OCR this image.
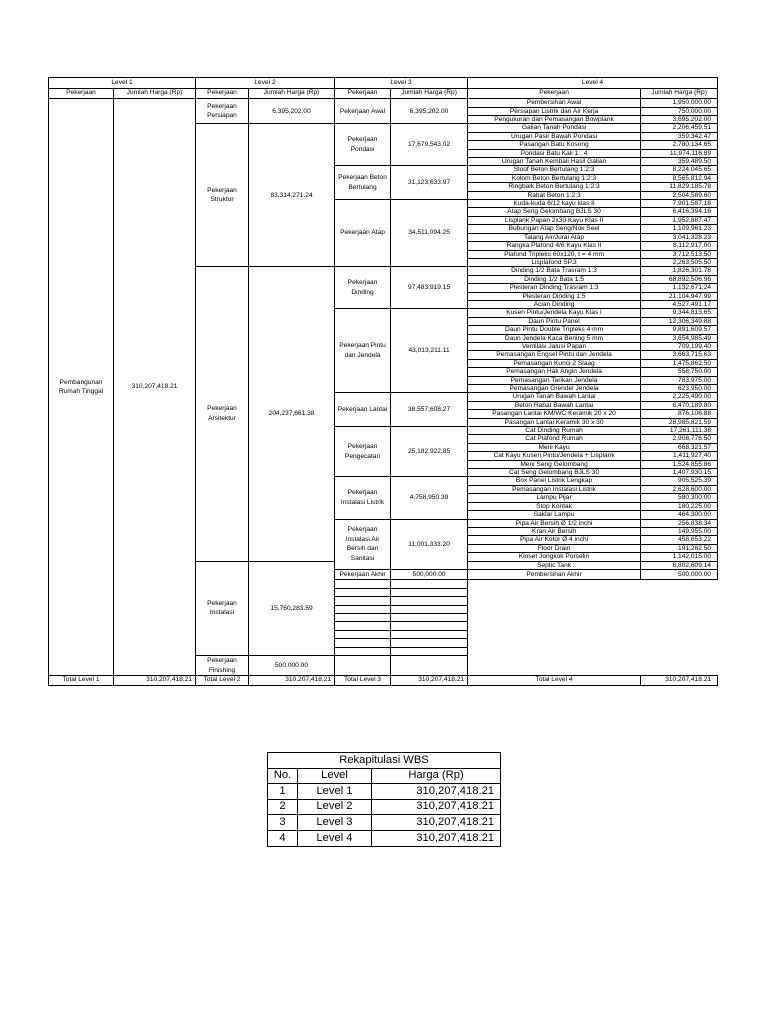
Level 1		Level 2		Level 3		Level 4	
Pekerjaan	Jumlah Harga (Rp)	Pekerjaan	Jumlah Harga (Rp)	Pekerjaan	Jumlah Harga (Rp)	Pekerjaan	Jumlah Harga (Rp)
Pembangunan Rumah Tinggal	310,207,418.21	Pekerjaan Persiapan	6,395,202.00	Pekerjaan Awal	6,395,202.00	Pembersihan Awal	1,950,000.00
						Persiapan Listrik dan Air Kerja	750,000.00
						Pengukuran dan Pemasangan Bowplank	3,695,202.00
		Pekerjaan Struktur	83,314,271.24	Pekerjaan Pondasi	17,679,543.02	Galian Tanah Pondasi	2,206,459.51
						Urugan Pasir Bawah Pondasi	359,342.47
						Pasangan Batu Kosong	2,780,134.65
						Pondasi Batu Kali 1 : 4	11,974,116.89
						Urugan Tanah Kembali Hasil Galian	359,489.50
				Pekerjaan Beton Bertulang	31,123,633.97	Sloof Beton Bertulang 1:2:3	8,224,045.65
						Kolom Beton Bertulang 1:2:3	8,565,812.94
						Ringbalk Beton Bertulang 1:2:3	11,829,185.78
						Rabat Beton 1:2:3	2,504,589.60
				Pekerjaan Atap	34,511,094.25	Kuda-kuda 6/12 kayu klas II	7,901,587.18
						Atap Seng Gelombang BJLS 30	6,416,394.16
						Lisplank Papan 2x30 Kayu Klas II	1,952,887.47
						Bubungan Atap Seng/Nok Seel	1,109,961.23
						Talang Air/Jurai Atap	3,041,328.23
						Rangka Plafond 4/6 Kayu Klas II	8,112,917.00
						Plafond Tripleks 60x120, t = 4 mm	3,712,513.50
						Lisplafond SP.3	2,263,505.50
		Pekerjaan Arsitektur	204,237,661.38	Pekerjaan Dinding	97,483,919.15	Dinding 1/2 Bata Trasram 1:3	1,826,301.78
						Dinding 1/2 Bata 1:5	68,892,506.96
						Plesteran Dinding Trasram 1:3	1,132,671.24
						Plesteran Dinding 1:5	21,104,947.99
						Acian Dinding	4,527,491.17
				Pekerjaan Pintu dan Jendela	43,013,211.11	Kusen Pintu/Jendela Kayu Klas I	9,344,813.65
						Daun Pintu Panel	12,306,349.88
						Daun Pintu Double Tripleks 4 mm	9,891,609.57
						Daun Jendela Kaca Bening 5 mm	3,654,985.49
						Ventilasi Jalusi Papan	709,199.40
						Pemasangan Engsel Pintu dan Jendela	3,663,715.63
						Pemasangan Kunci 2 Slaag	1,475,862.50
						Pemasangan Hak Angin Jendela	558,750.00
						Pemasangan Tarikan Jendela	783,975.00
						Pemasangan Grendel Jendela	623,950.00
				Pekerjaan Lantai	38,557,608.27	Urugan Tanah Bawah Lantai	2,225,490.00
						Beton Rabat Bawah Lantai	6,470,189.80
						Pasangan Lantai KM/WC Keramik 20 x 20	876,106.88
						Pasangan Lantai Keramik 30 x 30	28,985,821.59
				Pekerjaan Pengecatan	25,182,922.85	Cat Dinding Rumah	17,261,111.38
						Cat Plafond Rumah	2,908,776.50
						Meni Kayu	668,321.57
						Cat Kayu Kusen Pintu/Jendela + Lisplank	1,411,927.40
						Meni Seng Gelombang	1,524,855.86
						Cat Seng Gelombang BJLS 30	1,407,930.15
				Pekerjaan Instalasi Listrik	4,758,950.39	Box Panel Listrik Lengkap	905,525.39
						Pemasangan Instalasi Listrik	2,628,600.00
						Lampu Pijar	580,300.00
						Stop Kontak	180,225.00
						Saklar Lampu	464,300.00
				Pekerjaan Instalasi Air Bersih dan Sanitasi	11,001,333.20	Pipa Air Bersih Ø 1/2 inchi	256,838.34
						Kran Air Bersih	149,955.00
						Pipa Air Kotor Ø 4 inchi	458,653.22
						Floor Drain	191,262.50
						Kloset Jongkok Porselin	1,142,015.00
		Pekerjaan Instalasi	15,760,283.59			Septic Tank	8,802,609.14
				Pekerjaan Akhir	500,000.00	Pembersihan Akhir	500,000.00

		Pekerjaan Finishing	500,000.00				
Total Level 1	310,207,418.21	Total Level 2	310,207,418.21	Total Level 3	310,207,418.21	Total Level 4	310,207,418.21
Rekapitulasi WBS		
No.	Level	Harga (Rp)
1	Level 1	310,207,418.21
2	Level 2	310,207,418.21
3	Level 3	310,207,418.21
4	Level 4	310,207,418.21
